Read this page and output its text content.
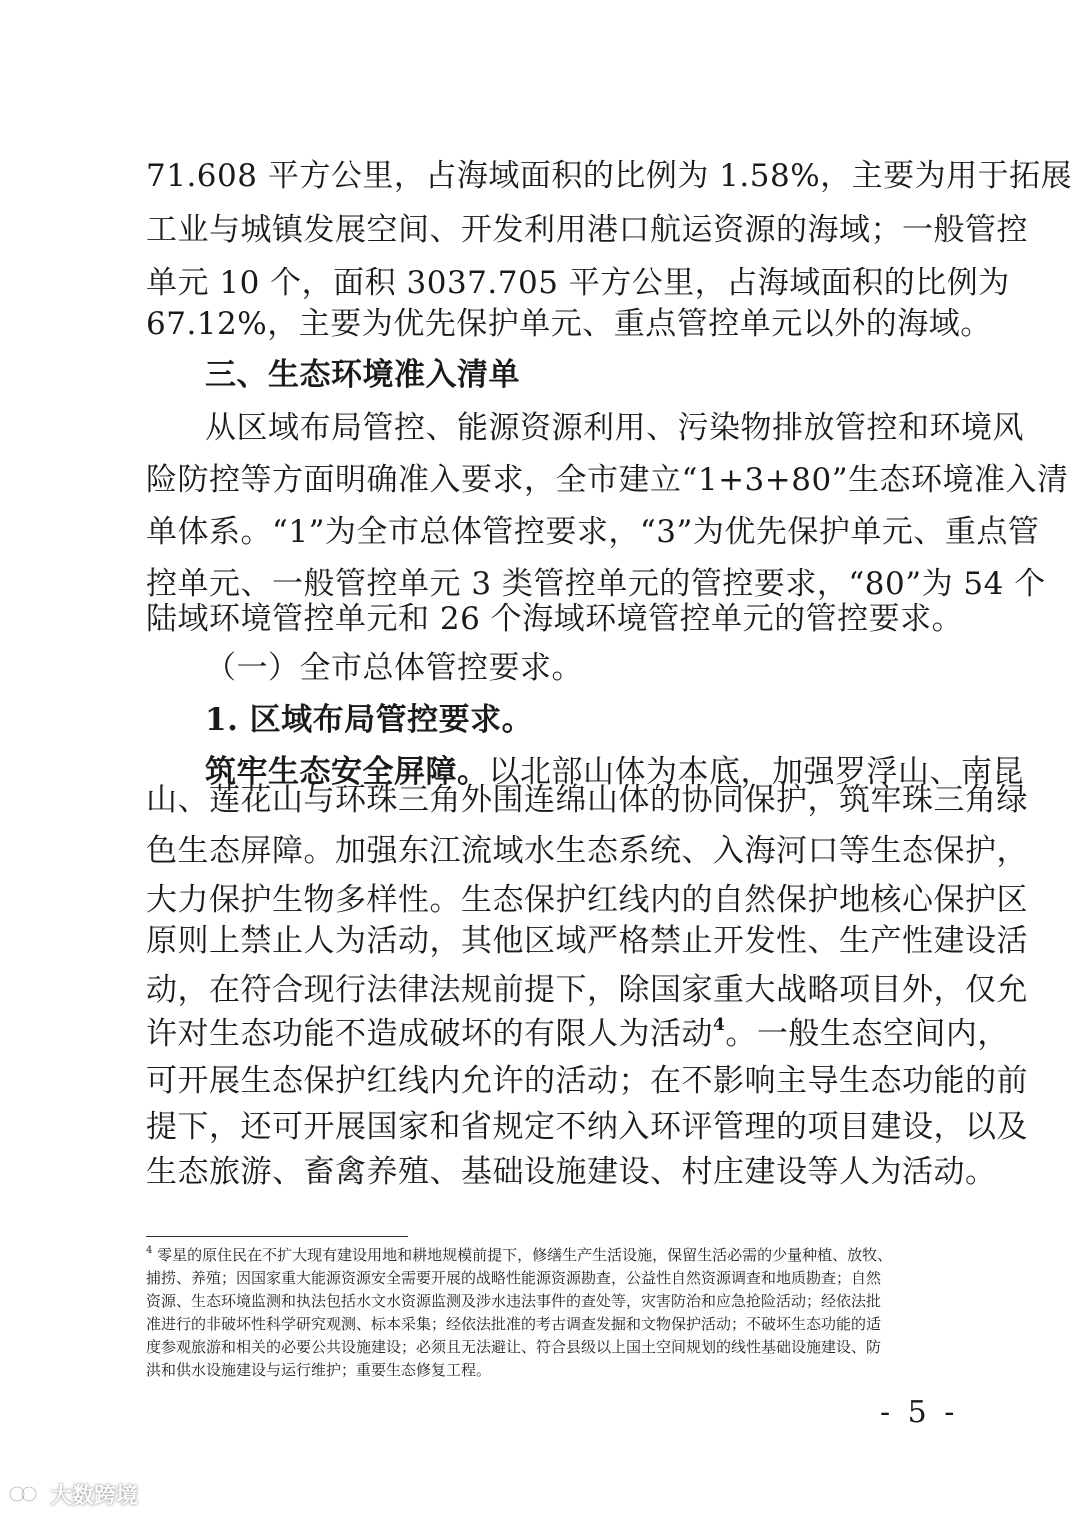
71.608 平方公里，占海域面积的比例为 1.58%，主要为用于拓展
工业与城镇发展空间、开发利用港口航运资源的海域；一般管控
单元 10 个，面积 3037.705 平方公里，占海域面积的比例为
67.12%，主要为优先保护单元、重点管控单元以外的海域。
三、生态环境准入清单
从区域布局管控、能源资源利用、污染物排放管控和环境风
险防控等方面明确准入要求，全市建立“1+3+80”生态环境准入清
单体系。“1”为全市总体管控要求，“3”为优先保护单元、重点管
控单元、一般管控单元 3 类管控单元的管控要求，“80”为 54 个
陆域环境管控单元和 26 个海域环境管控单元的管控要求。
（一）全市总体管控要求。
1. 区域布局管控要求。
筑牢生态安全屏障。以北部山体为本底，加强罗浮山、南昆
山、莲花山与环珠三角外围连绵山体的协同保护，筑牢珠三角绿
色生态屏障。加强东江流域水生态系统、入海河口等生态保护，
大力保护生物多样性。生态保护红线内的自然保护地核心保护区
原则上禁止人为活动，其他区域严格禁止开发性、生产性建设活
动，在符合现行法律法规前提下，除国家重大战略项目外，仅允
许对生态功能不造成破坏的有限人为活动$^4$。一般生态空间内，
可开展生态保护红线内允许的活动；在不影响主导生态功能的前
提下，还可开展国家和省规定不纳入环评管理的项目建设，以及
生态旅游、畜禽养殖、基础设施建设、村庄建设等人为活动。
$^4$ 零星的原住民在不扩大现有建设用地和耕地规模前提下，修缮生产生活设施，保留生活必需的少量种植、放牧、
捕捞、养殖；因国家重大能源资源安全需要开展的战略性能源资源勘查，公益性自然资源调查和地质勘查；自然
资源、生态环境监测和执法包括水文水资源监测及涉水违法事件的查处等，灾害防治和应急抢险活动；经依法批
准进行的非破坏性科学研究观测、标本采集；经依法批准的考古调查发掘和文物保护活动；不破坏生态功能的适
度参观旅游和相关的必要公共设施建设；必须且无法避让、符合县级以上国土空间规划的线性基础设施建设、防
洪和供水设施建设与运行维护；重要生态修复工程。
- 5 -
大数跨境
